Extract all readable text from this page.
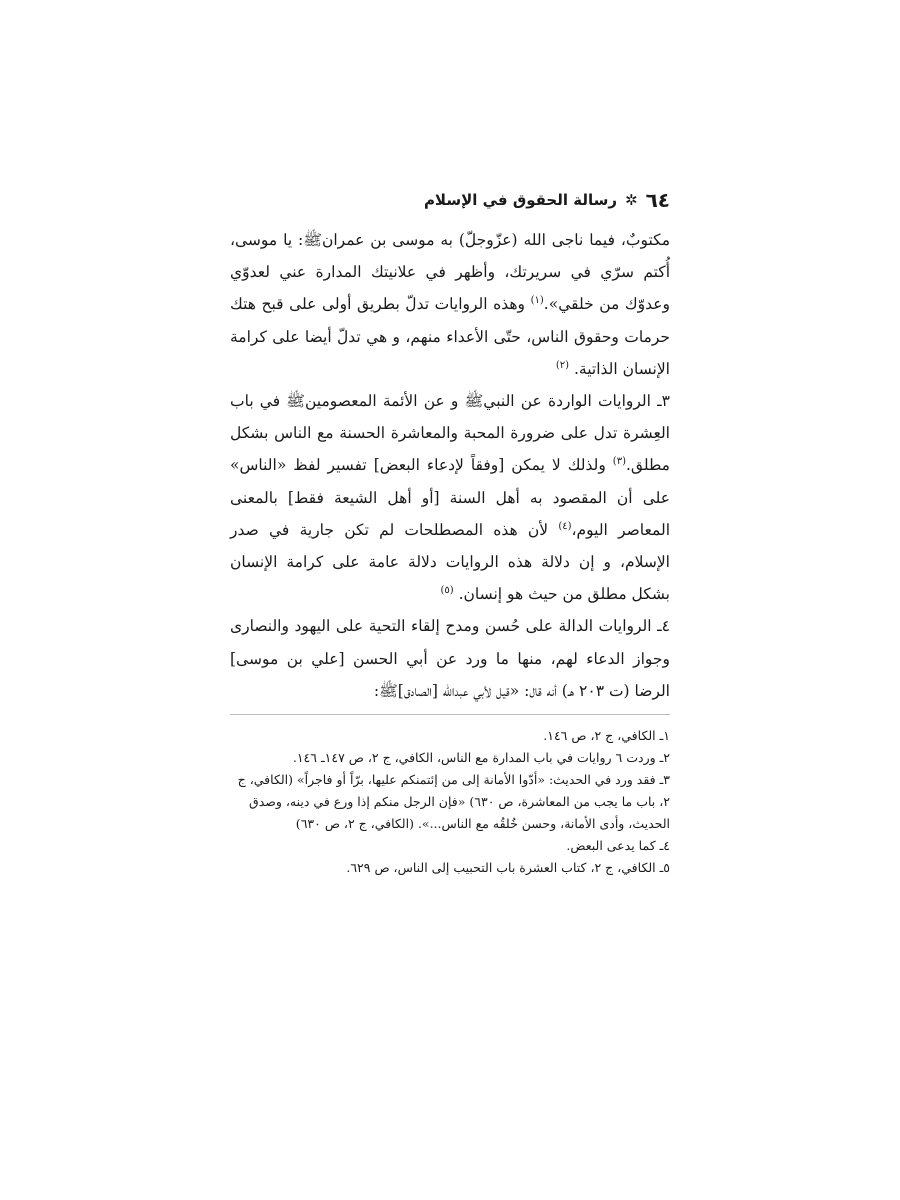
٦٤
✲
رسالة الحقوق في الإسلام

مكتوبٌ، فيما ناجى الله (عزّوجلّ) به موسى بن عمرانﷺ: يا موسى، أُكتم سرّي في سريرتك، وأظهر في علانيتك المدارة عني لعدوّي وعدوّك من خلقي».$^{(١)}$ وهذه الروايات تدلّ بطريق أولى على قبح هتك حرمات وحقوق الناس، حتّى الأعداء منهم، و هي تدلّ أيضا على كرامة الإنسان الذاتية. $^{(٢)}$

٣ـ الروايات الواردة عن النبيﷺ و عن الأئمة المعصومينﷺ في باب العِشرة تدل على ضرورة المحبة والمعاشرة الحسنة مع الناس بشكل مطلق.$^{(٣)}$ ولذلك لا يمكن [وفقاً لإدعاء البعض] تفسير لفظ «الناس» على أن المقصود به أهل السنة [أو أهل الشيعة فقط] بالمعنى المعاصر اليوم،$^{(٤)}$ لأن هذه المصطلحات لم تكن جارية في صدر الإسلام، و إن دلالة هذه الروايات دلالة عامة على كرامة الإنسان بشكل مطلق من حيث هو إنسان. $^{(٥)}$

٤ـ الروايات الدالة على حُسن ومدح إلقاء التحية على اليهود والنصارى وجواز الدعاء لهم، منها ما ورد عن أبي الحسن [علي بن موسى] الرضا (ت ٢٠٣ هـ) أنه قال: «قيل لأبي عبدالله [الصادق]ﷺ:

١ـ الكافي، ج ٢، ص ١٤٦.
٢ـ وردت ٦ روايات في باب المدارة مع الناس، الكافي، ج ٢، ص ١٤٧ـ ١٤٦.
٣ـ فقد ورد في الحديث: «أدّوا الأمانة إلى من إئتمنكم عليها، برّاً أو فاجراً» (الكافي، ج ٢، باب ما يجب من المعاشرة، ص ٦٣٠) «فإن الرجل منكم إذا ورع في دينه، وصدق الحديث، وأدى الأمانة، وحسن خُلقُه مع الناس...». (الكافي، ج ٢، ص ٦٣٠)
٤ـ كما يدعى البعض.
٥ـ الكافي، ج ٢، كتاب العشرة باب التحبيب إلى الناس، ص ٦٢٩.
